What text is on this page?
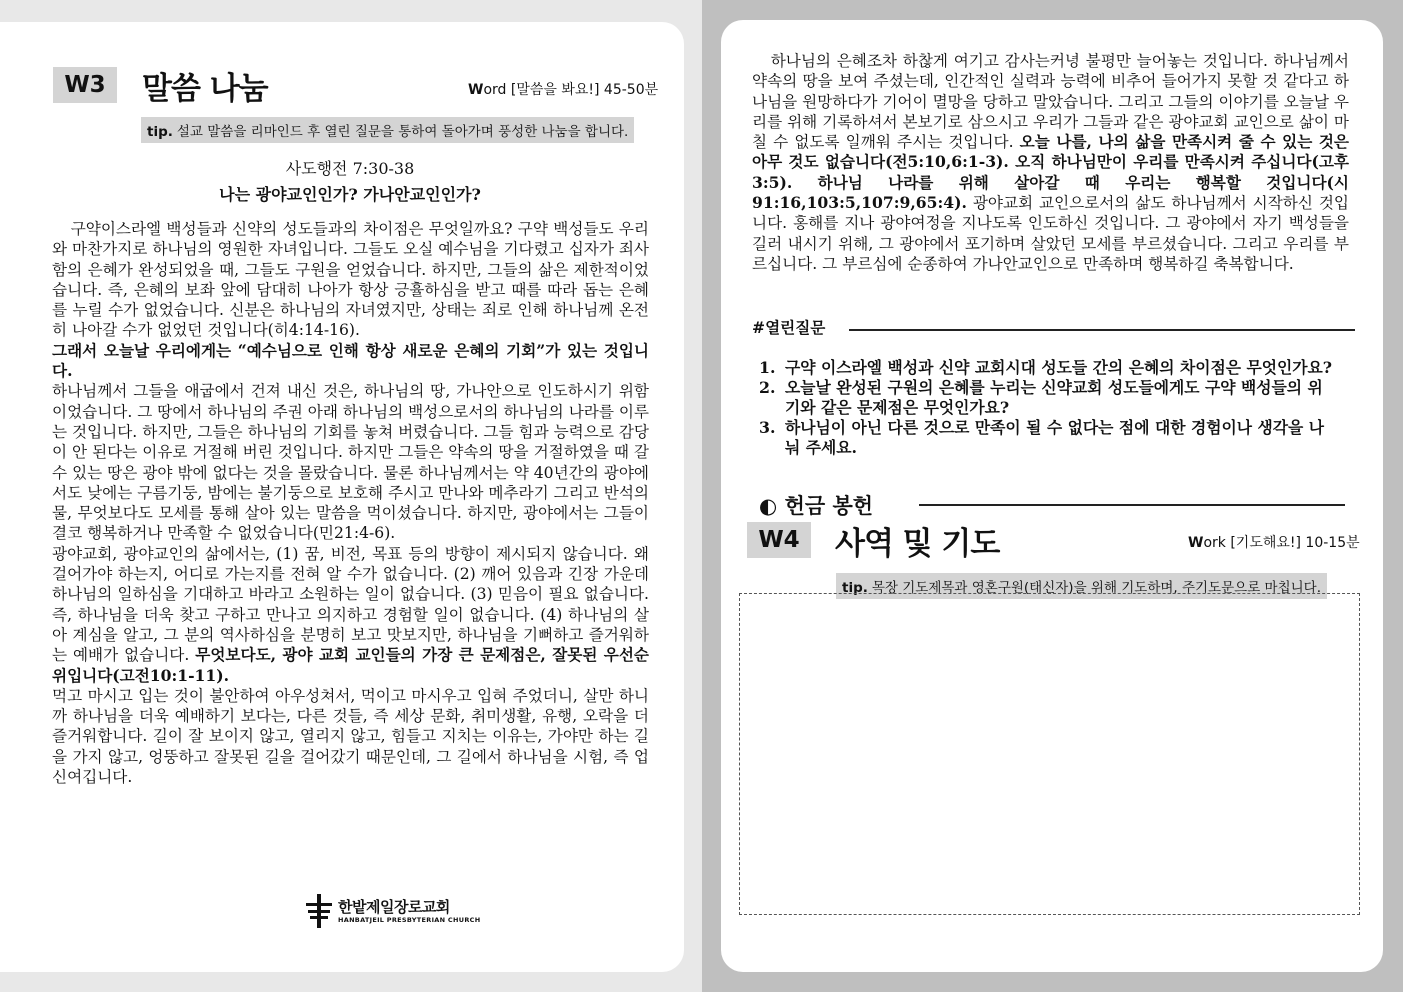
W3	말씀 나눔	Word [말씀을 봐요!] 45-50분
tip. 설교 말씀을 리마인드 후 열린 질문을 통하여 돌아가며 풍성한 나눔을 합니다.
사도행전 7:30-38
나는 광야교인인가? 가나안교인인가?

구약이스라엘 백성들과 신약의 성도들과의 차이점은 무엇일까요? 구약 백성들도 우리와 마찬가지로 하나님의 영원한 자녀입니다. 그들도 오실 예수님을 기다렸고 십자가 죄사함의 은혜가 완성되었을 때, 그들도 구원을 얻었습니다. 하지만, 그들의 삶은 제한적이었습니다. 즉, 은혜의 보좌 앞에 담대히 나아가 항상 긍휼하심을 받고 때를 따라 돕는 은혜를 누릴 수가 없었습니다. 신분은 하나님의 자녀였지만, 상태는 죄로 인해 하나님께 온전히 나아갈 수가 없었던 것입니다(히4:14-16).

그래서 오늘날 우리에게는 “예수님으로 인해 항상 새로운 은혜의 기회”가 있는 것입니다.

하나님께서 그들을 애굽에서 건져 내신 것은, 하나님의 땅, 가나안으로 인도하시기 위함이었습니다. 그 땅에서 하나님의 주권 아래 하나님의 백성으로서의 하나님의 나라를 이루는 것입니다. 하지만, 그들은 하나님의 기회를 놓쳐 버렸습니다. 그들 힘과 능력으로 감당이 안 된다는 이유로 거절해 버린 것입니다. 하지만 그들은 약속의 땅을 거절하였을 때 갈 수 있는 땅은 광야 밖에 없다는 것을 몰랐습니다. 물론 하나님께서는 약 40년간의 광야에서도 낮에는 구름기둥, 밤에는 불기둥으로 보호해 주시고 만나와 메추라기 그리고 반석의 물, 무엇보다도 모세를 통해 살아 있는 말씀을 먹이셨습니다. 하지만, 광야에서는 그들이 결코 행복하거나 만족할 수 없었습니다(민21:4-6).

광야교회, 광야교인의 삶에서는, (1) 꿈, 비전, 목표 등의 방향이 제시되지 않습니다. 왜 걸어가야 하는지, 어디로 가는지를 전혀 알 수가 없습니다. (2) 깨어 있음과 긴장 가운데 하나님의 일하심을 기대하고 바라고 소원하는 일이 없습니다. (3) 믿음이 필요 없습니다. 즉, 하나님을 더욱 찾고 구하고 만나고 의지하고 경험할 일이 없습니다. (4) 하나님의 살아 계심을 알고, 그 분의 역사하심을 분명히 보고 맛보지만, 하나님을 기뻐하고 즐거워하는 예배가 없습니다. 무엇보다도, 광야 교회 교인들의 가장 큰 문제점은, 잘못된 우선순위입니다(고전10:1-11).

먹고 마시고 입는 것이 불안하여 아우성쳐서, 먹이고 마시우고 입혀 주었더니, 살만 하니까 하나님을 더욱 예배하기 보다는, 다른 것들, 즉 세상 문화, 취미생활, 유행, 오락을 더 즐거워합니다. 길이 잘 보이지 않고, 열리지 않고, 힘들고 지치는 이유는, 가야만 하는 길을 가지 않고, 엉뚱하고 잘못된 길을 걸어갔기 때문인데, 그 길에서 하나님을 시험, 즉 업신여깁니다.

한밭제일장로교회
HANBATJEIL PRESBYTERIAN CHURCH

하나님의 은혜조차 하찮게 여기고 감사는커녕 불평만 늘어놓는 것입니다. 하나님께서 약속의 땅을 보여 주셨는데, 인간적인 실력과 능력에 비추어 들어가지 못할 것 같다고 하나님을 원망하다가 기어이 멸망을 당하고 말았습니다. 그리고 그들의 이야기를 오늘날 우리를 위해 기록하셔서 본보기로 삼으시고 우리가 그들과 같은 광야교회 교인으로 삶이 마칠 수 없도록 일깨워 주시는 것입니다. 오늘 나를, 나의 삶을 만족시켜 줄 수 있는 것은 아무 것도 없습니다(전5:10,6:1-3). 오직 하나님만이 우리를 만족시켜 주십니다(고후3:5). 하나님 나라를 위해 살아갈 때 우리는 행복할 것입니다(시91:16,103:5,107:9,65:4). 광야교회 교인으로서의 삶도 하나님께서 시작하신 것입니다. 홍해를 지나 광야여정을 지나도록 인도하신 것입니다. 그 광야에서 자기 백성들을 길러 내시기 위해, 그 광야에서 포기하며 살았던 모세를 부르셨습니다. 그리고 우리를 부르십니다. 그 부르심에 순종하여 가나안교인으로 만족하며 행복하길 축복합니다.

#열린질문
1. 구약 이스라엘 백성과 신약 교회시대 성도들 간의 은혜의 차이점은 무엇인가요?
2. 오늘날 완성된 구원의 은혜를 누리는 신약교회 성도들에게도 구약 백성들의 위기와 같은 문제점은 무엇인가요?
3. 하나님이 아닌 다른 것으로 만족이 될 수 없다는 점에 대한 경험이나 생각을 나눠 주세요.
◐ 헌금 봉헌
W4	사역 및 기도	Work [기도해요!] 10-15분
tip. 목장 기도제목과 영혼구원(태신자)을 위해 기도하며, 주기도문으로 마칩니다.
